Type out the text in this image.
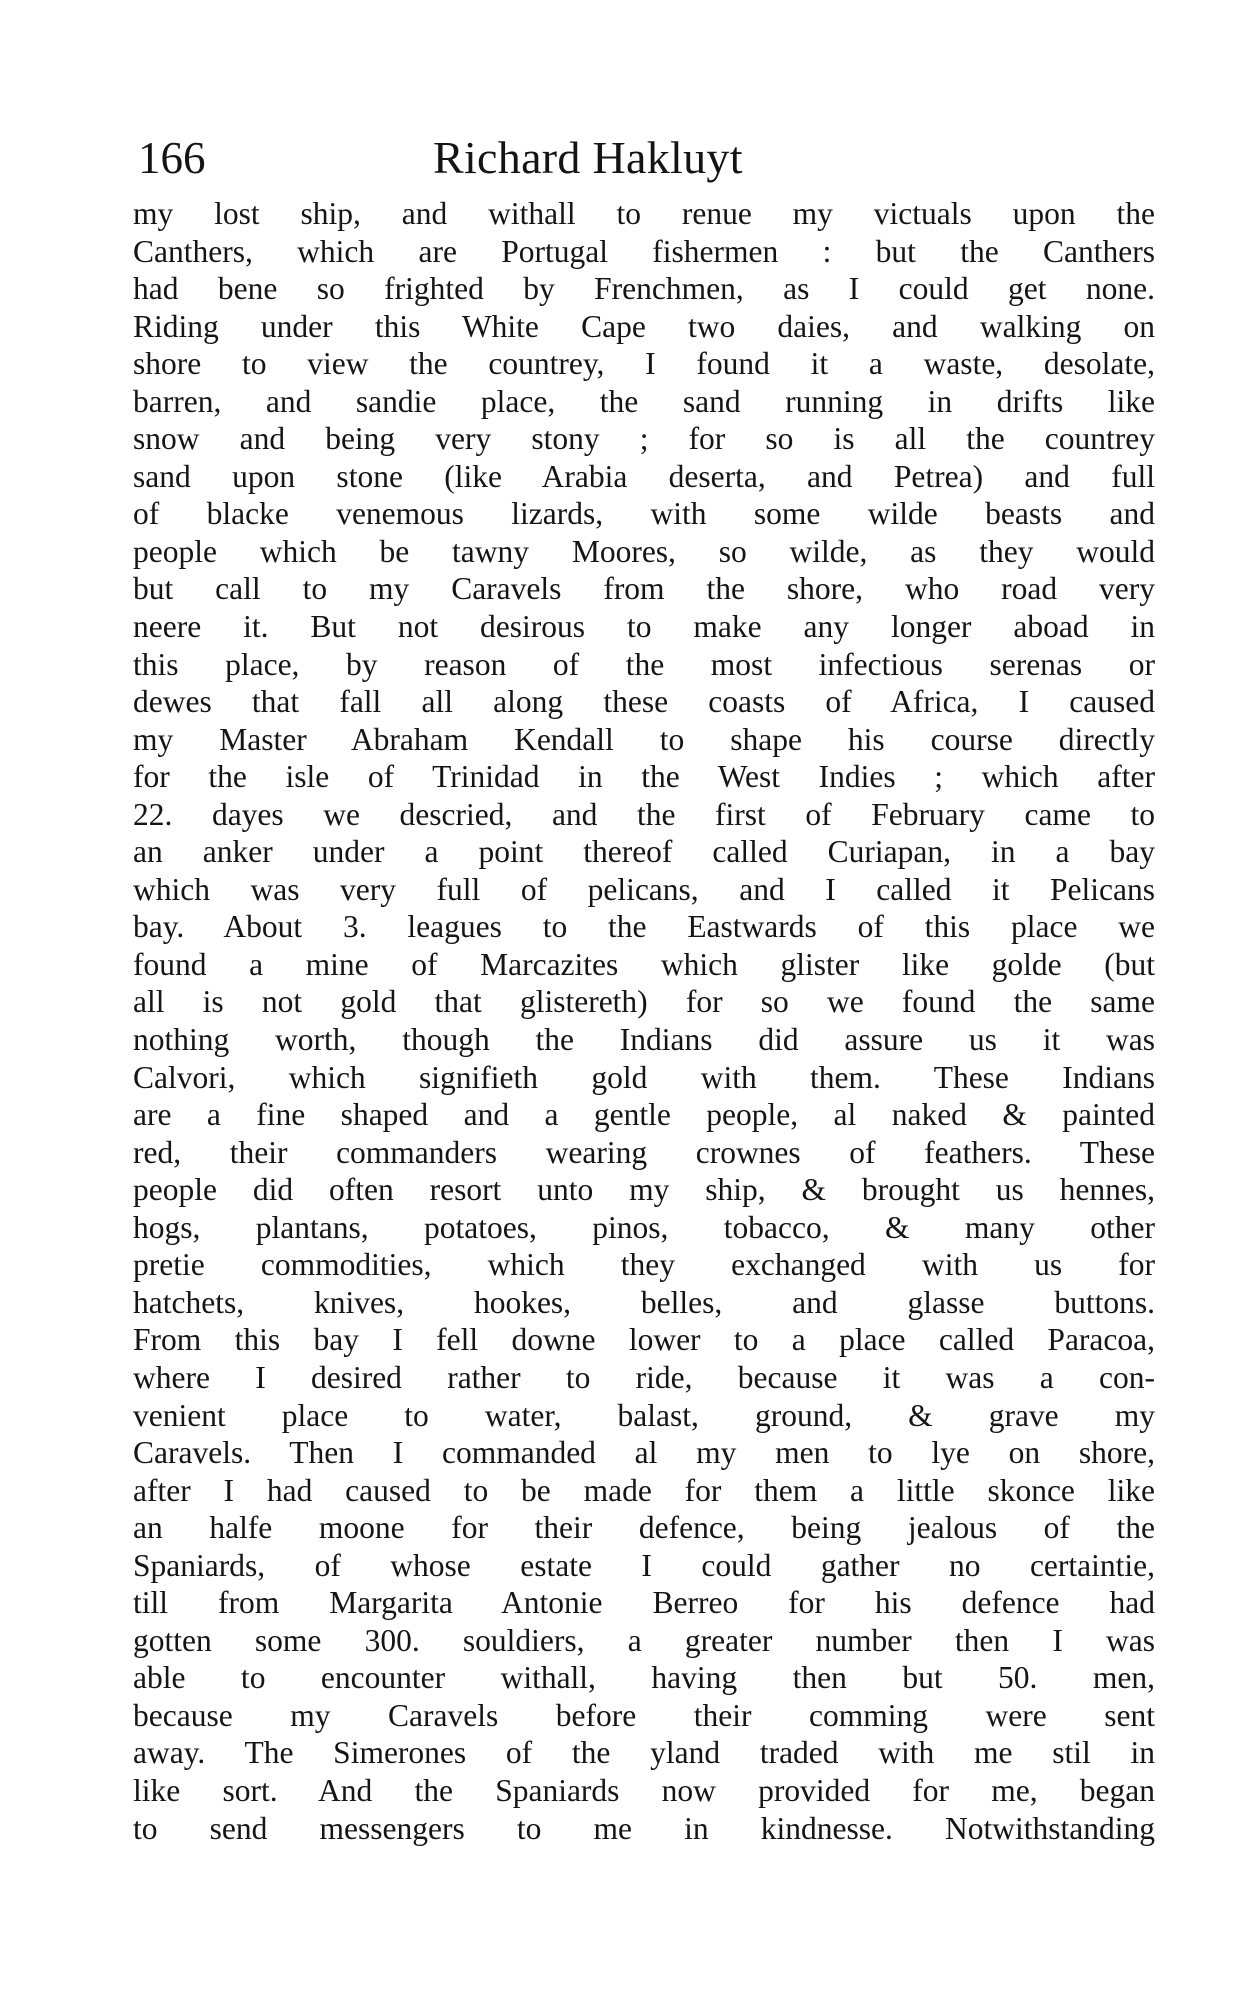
166	Richard Hakluyt
my lost ship, and withall to renue my victuals upon the
Canthers, which are Portugal fishermen : but the Canthers
had bene so frighted by Frenchmen, as I could get none.
Riding under this White Cape two daies, and walking on
shore to view the countrey, I found it a waste, desolate,
barren, and sandie place, the sand running in drifts like
snow and being very stony ; for so is all the countrey
sand upon stone (like Arabia deserta, and Petrea) and full
of blacke venemous lizards, with some wilde beasts and
people which be tawny Moores, so wilde, as they would
but call to my Caravels from the shore, who road very
neere it. But not desirous to make any longer aboad in
this place, by reason of the most infectious serenas or
dewes that fall all along these coasts of Africa, I caused
my Master Abraham Kendall to shape his course directly
for the isle of Trinidad in the West Indies ; which after
22. dayes we descried, and the first of February came to
an anker under a point thereof called Curiapan, in a bay
which was very full of pelicans, and I called it Pelicans
bay. About 3. leagues to the Eastwards of this place we
found a mine of Marcazites which glister like golde (but
all is not gold that glistereth) for so we found the same
nothing worth, though the Indians did assure us it was
Calvori, which signifieth gold with them. These Indians
are a fine shaped and a gentle people, al naked & painted
red, their commanders wearing crownes of feathers. These
people did often resort unto my ship, & brought us hennes,
hogs, plantans, potatoes, pinos, tobacco, & many other
pretie commodities, which they exchanged with us for
hatchets, knives, hookes, belles, and glasse buttons.
From this bay I fell downe lower to a place called Paracoa,
where I desired rather to ride, because it was a con-
venient place to water, balast, ground, & grave my
Caravels. Then I commanded al my men to lye on shore,
after I had caused to be made for them a little skonce like
an halfe moone for their defence, being jealous of the
Spaniards, of whose estate I could gather no certaintie,
till from Margarita Antonie Berreo for his defence had
gotten some 300. souldiers, a greater number then I was
able to encounter withall, having then but 50. men,
because my Caravels before their comming were sent
away. The Simerones of the yland traded with me stil in
like sort. And the Spaniards now provided for me, began
to send messengers to me in kindnesse. Notwithstanding
